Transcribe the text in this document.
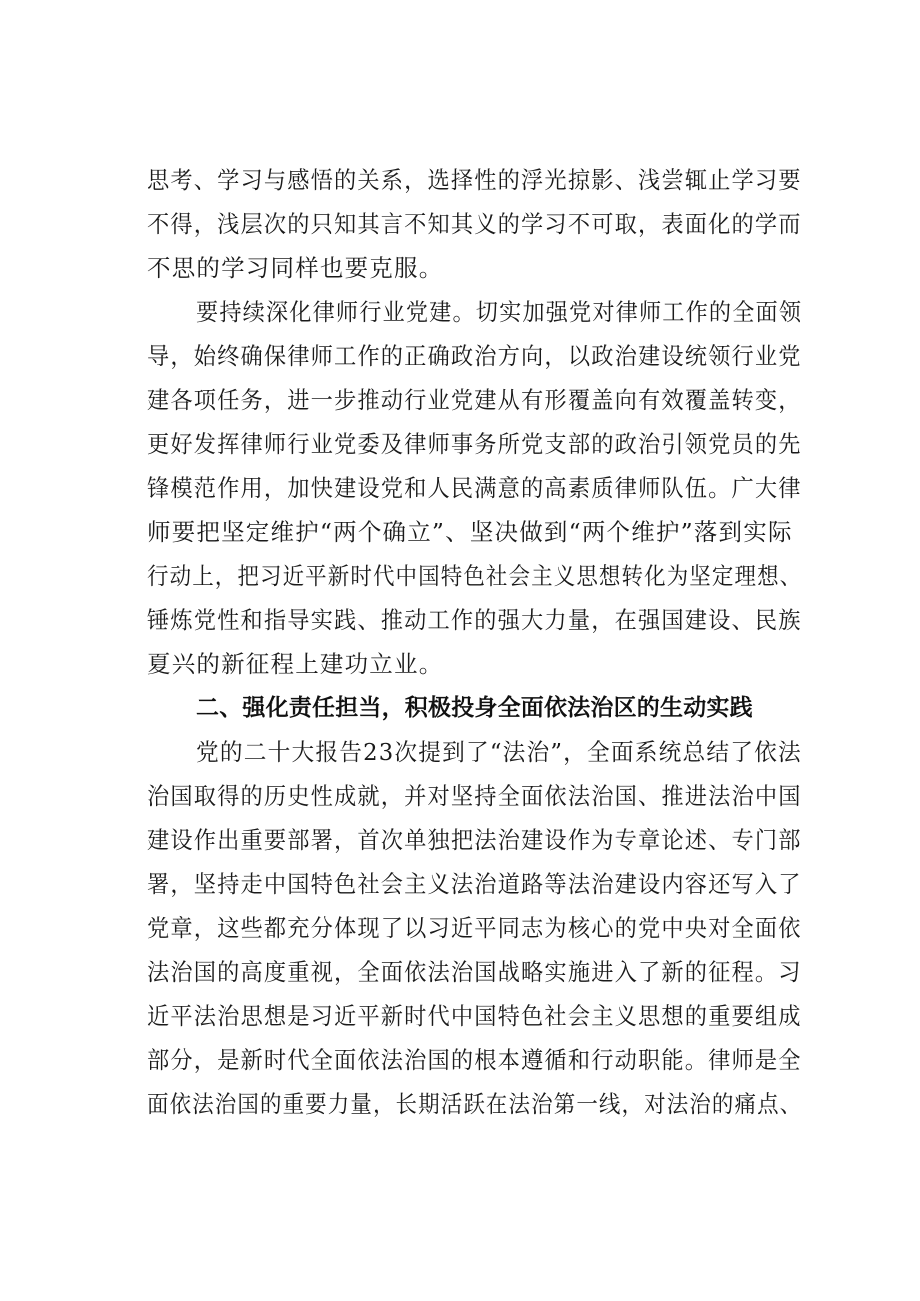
思考、学习与感悟的关系，选择性的浮光掠影、浅尝辄止学习要
不得，浅层次的只知其言不知其义的学习不可取，表面化的学而
不思的学习同样也要克服。
要持续深化律师行业党建。切实加强党对律师工作的全面领
导，始终确保律师工作的正确政治方向，以政治建设统领行业党
建各项任务，进一步推动行业党建从有形覆盖向有效覆盖转变，
更好发挥律师行业党委及律师事务所党支部的政治引领党员的先
锋模范作用，加快建设党和人民满意的高素质律师队伍。广大律
师要把坚定维护“两个确立”、坚决做到“两个维护”落到实际
行动上，把习近平新时代中国特色社会主义思想转化为坚定理想、
锤炼党性和指导实践、推动工作的强大力量，在强国建设、民族
夏兴的新征程上建功立业。
二、强化责任担当，积极投身全面依法治区的生动实践
党的二十大报告23次提到了“法治”，全面系统总结了依法
治国取得的历史性成就，并对坚持全面依法治国、推进法治中国
建设作出重要部署，首次单独把法治建设作为专章论述、专门部
署，坚持走中国特色社会主义法治道路等法治建设内容还写入了
党章，这些都充分体现了以习近平同志为核心的党中央对全面依
法治国的高度重视，全面依法治国战略实施进入了新的征程。习
近平法治思想是习近平新时代中国特色社会主义思想的重要组成
部分，是新时代全面依法治国的根本遵循和行动职能。律师是全
面依法治国的重要力量，长期活跃在法治第一线，对法治的痛点、
